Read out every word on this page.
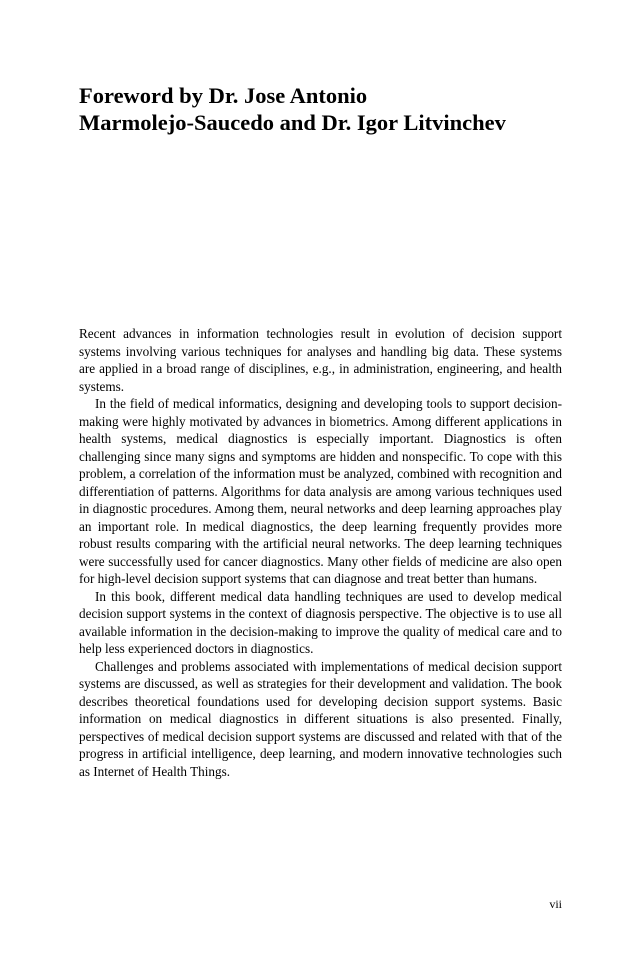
Foreword by Dr. Jose Antonio
Marmolejo-Saucedo and Dr. Igor Litvinchev

Recent advances in information technologies result in evolution of decision support systems involving various techniques for analyses and handling big data. These systems are applied in a broad range of disciplines, e.g., in administration, engineering, and health systems.

In the field of medical informatics, designing and developing tools to support decision-making were highly motivated by advances in biometrics. Among different applications in health systems, medical diagnostics is especially important. Diagnostics is often challenging since many signs and symptoms are hidden and nonspecific. To cope with this problem, a correlation of the information must be analyzed, combined with recognition and differentiation of patterns. Algorithms for data analysis are among various techniques used in diagnostic procedures. Among them, neural networks and deep learning approaches play an important role. In medical diagnostics, the deep learning frequently provides more robust results comparing with the artificial neural networks. The deep learning techniques were successfully used for cancer diagnostics. Many other fields of medicine are also open for high-level decision support systems that can diagnose and treat better than humans.

In this book, different medical data handling techniques are used to develop medical decision support systems in the context of diagnosis perspective. The objective is to use all available information in the decision-making to improve the quality of medical care and to help less experienced doctors in diagnostics.

Challenges and problems associated with implementations of medical decision support systems are discussed, as well as strategies for their development and validation. The book describes theoretical foundations used for developing decision support systems. Basic information on medical diagnostics in different situations is also presented. Finally, perspectives of medical decision support systems are discussed and related with that of the progress in artificial intelligence, deep learning, and modern innovative technologies such as Internet of Health Things.

vii
